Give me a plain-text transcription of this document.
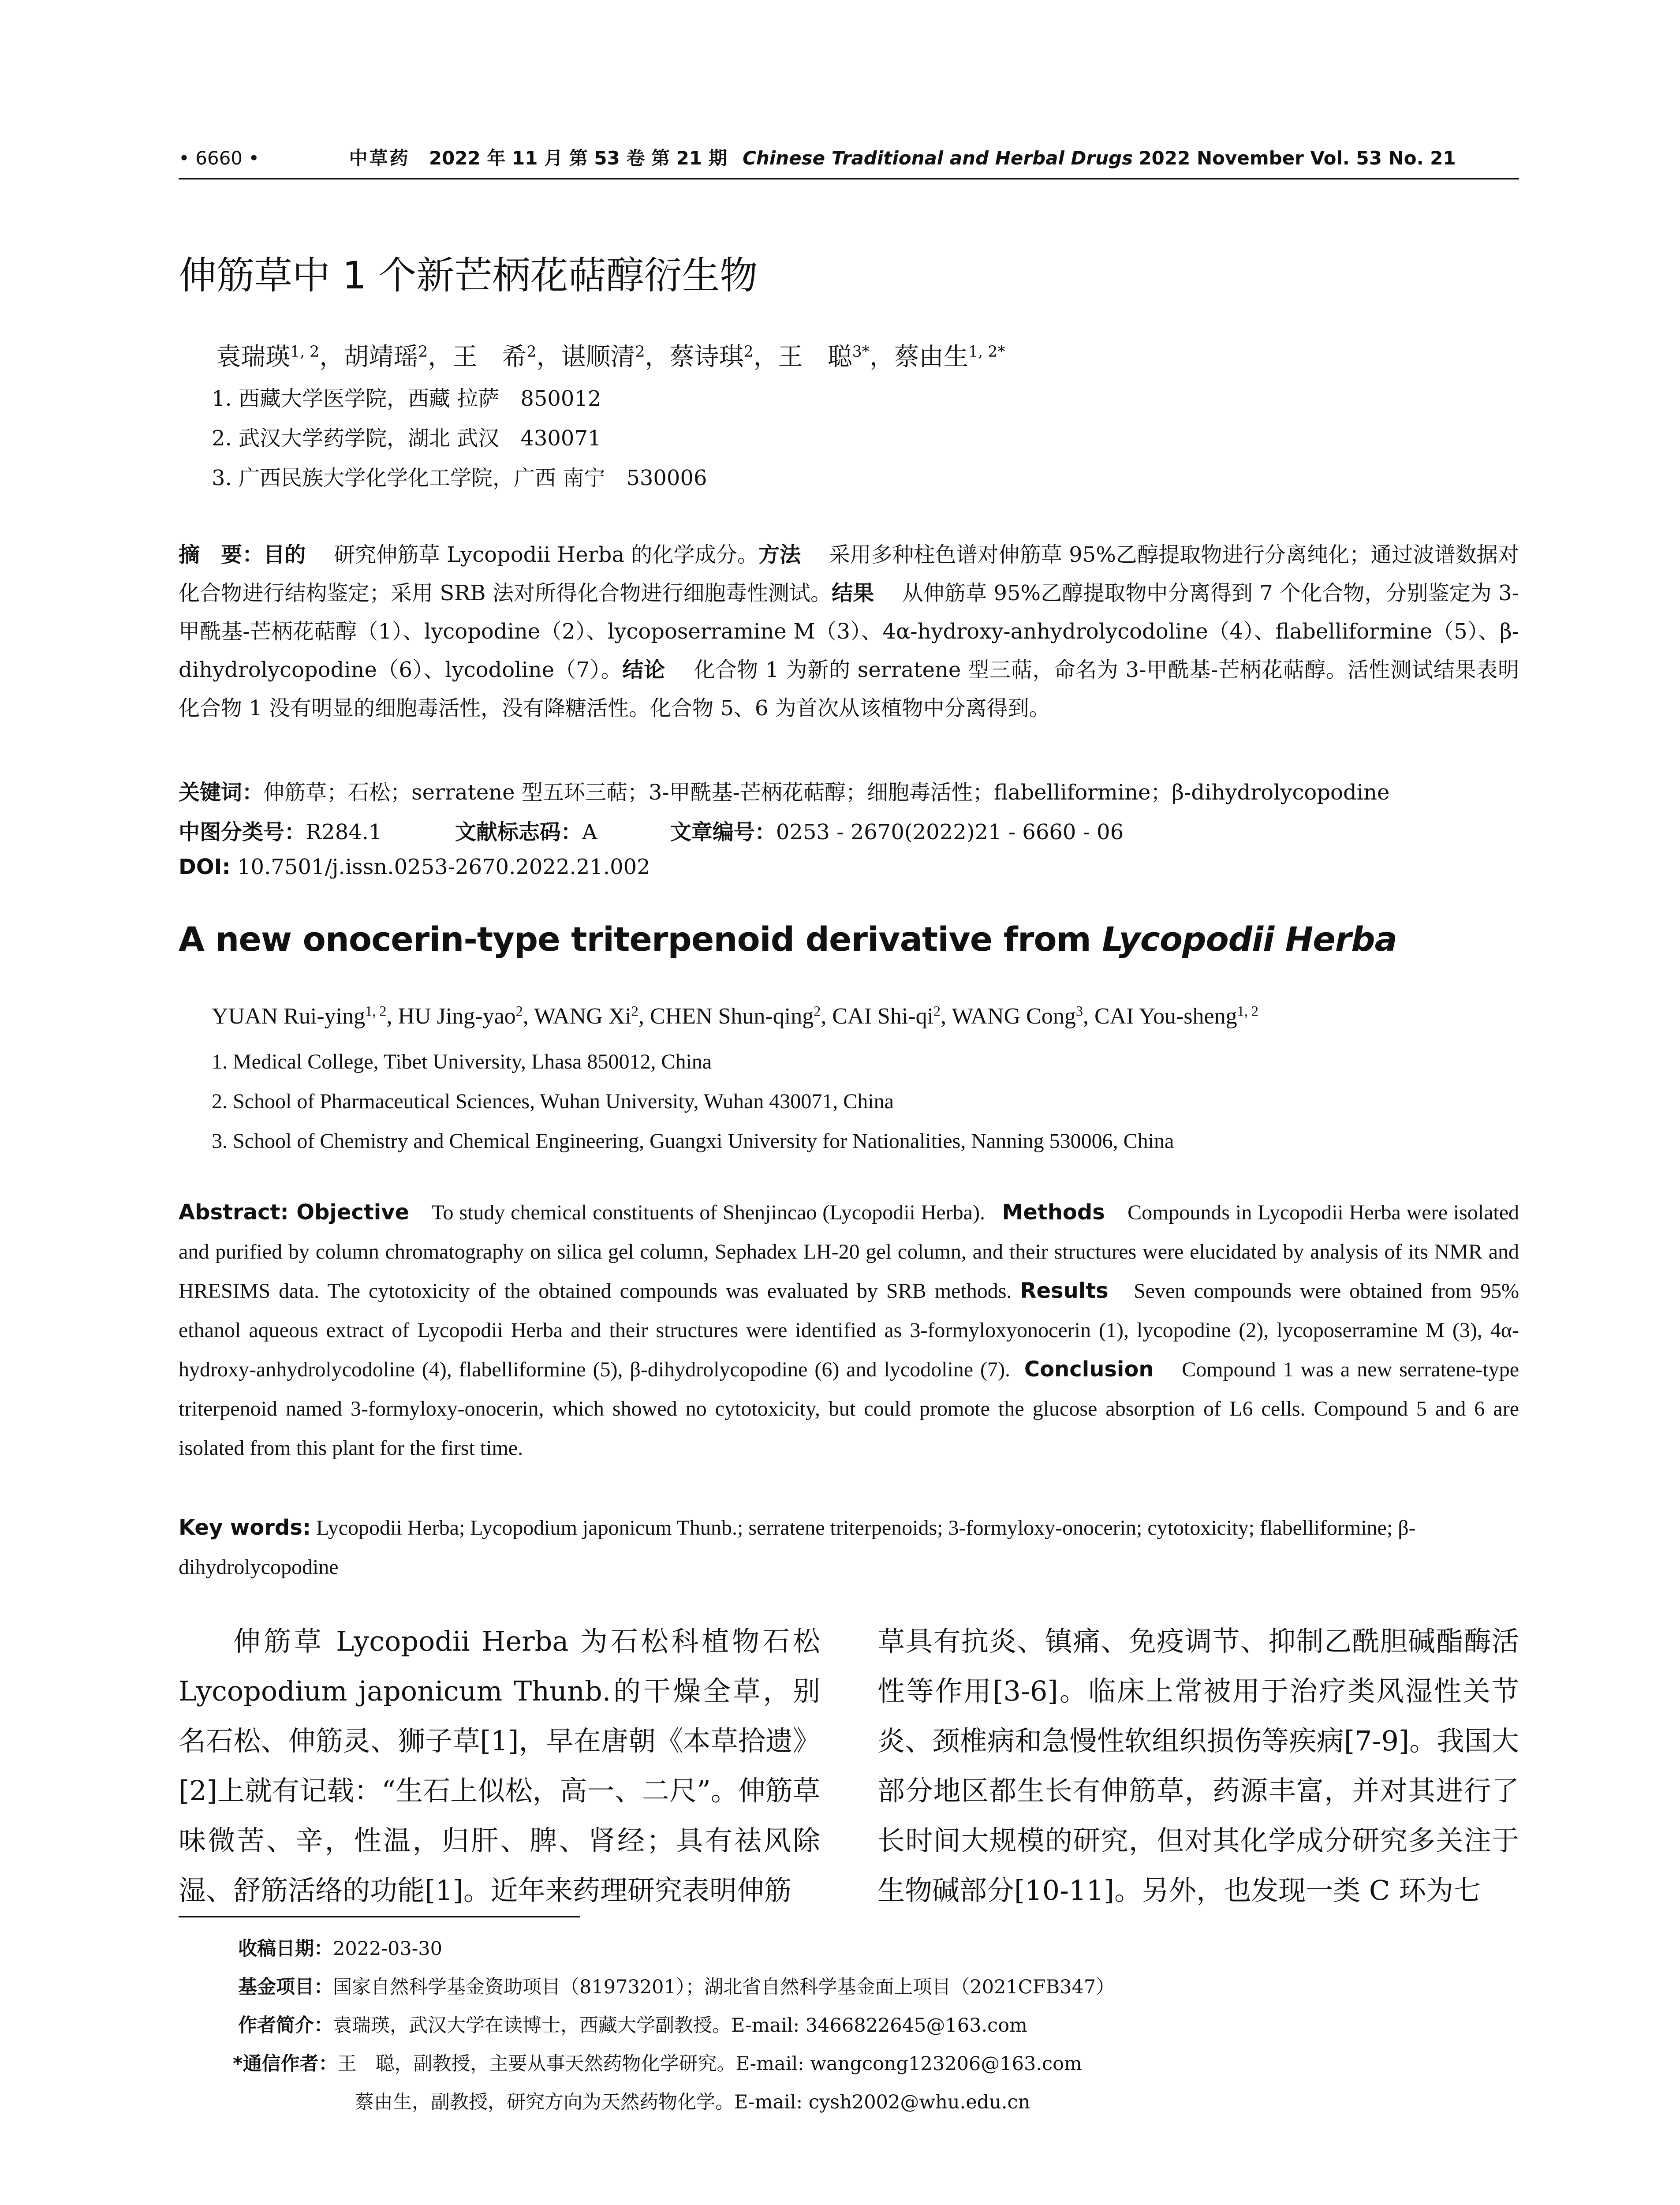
• 6660 •	中草药 2022 年 11 月 第 53 卷 第 21 期 Chinese Traditional and Herbal Drugs 2022 November Vol. 53 No. 21
伸筋草中 1 个新芒柄花萜醇衍生物
袁瑞瑛$^{1, 2}$，胡靖瑶$^2$，王　希$^2$，谌顺清$^2$，蔡诗琪$^2$，王　聪$^{3*}$，蔡由生$^{1, 2*}$
1. 西藏大学医学院，西藏 拉萨　850012
2. 武汉大学药学院，湖北 武汉　430071
3. 广西民族大学化学化工学院，广西 南宁　530006
摘　要：目的　 研究伸筋草 Lycopodii Herba 的化学成分。方法　 采用多种柱色谱对伸筋草 95%乙醇提取物进行分离纯化；通过波谱数据对化合物进行结构鉴定；采用 SRB 法对所得化合物进行细胞毒性测试。结果　 从伸筋草 95%乙醇提取物中分离得到 7 个化合物，分别鉴定为 3-甲酰基-芒柄花萜醇（1）、lycopodine（2）、lycoposerramine M（3）、4α-hydroxy-anhydrolycodoline（4）、flabelliformine（5）、β-dihydrolycopodine（6）、lycodoline（7）。结论　 化合物 1 为新的 serratene 型三萜，命名为 3-甲酰基-芒柄花萜醇。活性测试结果表明化合物 1 没有明显的细胞毒活性，没有降糖活性。化合物 5、6 为首次从该植物中分离得到。
关键词：伸筋草；石松；serratene 型五环三萜；3-甲酰基-芒柄花萜醇；细胞毒活性；flabelliformine；β-dihydrolycopodine
中图分类号：R284.1	文献标志码：A	文章编号：0253 - 2670(2022)21 - 6660 - 06
DOI: 10.7501/j.issn.0253-2670.2022.21.002
A new onocerin-type triterpenoid derivative from Lycopodii Herba
YUAN Rui-ying$^{1, 2}$, HU Jing-yao$^2$, WANG Xi$^2$, CHEN Shun-qing$^2$, CAI Shi-$qi^2$, WANG Cong$^3$, CAI You-sheng$^{1, 2}$
1. Medical College, Tibet University, Lhasa 850012, China
2. School of Pharmaceutical Sciences, Wuhan University, Wuhan 430071, China
3. School of Chemistry and Chemical Engineering, Guangxi University for Nationalities, Nanning 530006, China
Abstract: Objective To study chemical constituents of Shenjincao (Lycopodii Herba). Methods Compounds in Lycopodii Herba were isolated and purified by column chromatography on silica gel column, Sephadex LH-20 gel column, and their structures were elucidated by analysis of its NMR and HRESIMS data. The cytotoxicity of the obtained compounds was evaluated by SRB methods. Results Seven compounds were obtained from 95% ethanol aqueous extract of Lycopodii Herba and their structures were identified as 3-formyloxyonocerin (1), lycopodine (2), lycoposerramine M (3), 4α-hydroxy-anhydrolycodoline (4), flabelliformine (5), β-dihydrolycopodine (6) and lycodoline (7). Conclusion Compound 1 was a new serratene-type triterpenoid named 3-formyloxy-onocerin, which showed no cytotoxicity, but could promote the glucose absorption of L6 cells. Compound 5 and 6 are isolated from this plant for the first time.
Key words: Lycopodii Herba; Lycopodium japonicum Thunb.; serratene triterpenoids; 3-formyloxy-onocerin; cytotoxicity; flabelliformine; β-dihydrolycopodine
伸筋草 Lycopodii Herba 为石松科植物石松 Lycopodium japonicum Thunb.的干燥全草，别名石松、伸筋灵、狮子草[1]，早在唐朝《本草拾遗》[2]上就有记载：“生石上似松，高一、二尺”。伸筋草味微苦、辛，性温，归肝、脾、肾经；具有祛风除湿、舒筋活络的功能[1]。近年来药理研究表明伸筋
草具有抗炎、镇痛、免疫调节、抑制乙酰胆碱酯酶活性等作用[3-6]。临床上常被用于治疗类风湿性关节炎、颈椎病和急慢性软组织损伤等疾病[7-9]。我国大部分地区都生长有伸筋草，药源丰富，并对其进行了长时间大规模的研究，但对其化学成分研究多关注于生物碱部分[10-11]。另外，也发现一类 C 环为七
收稿日期：2022-03-30
基金项目：国家自然科学基金资助项目（81973201）；湖北省自然科学基金面上项目（2021CFB347）
作者简介：袁瑞瑛，武汉大学在读博士，西藏大学副教授。E-mail: 3466822645@163.com
*通信作者：王　聪，副教授，主要从事天然药物化学研究。E-mail: wangcong123206@163.com
蔡由生，副教授，研究方向为天然药物化学。E-mail: cysh2002@whu.edu.cn
